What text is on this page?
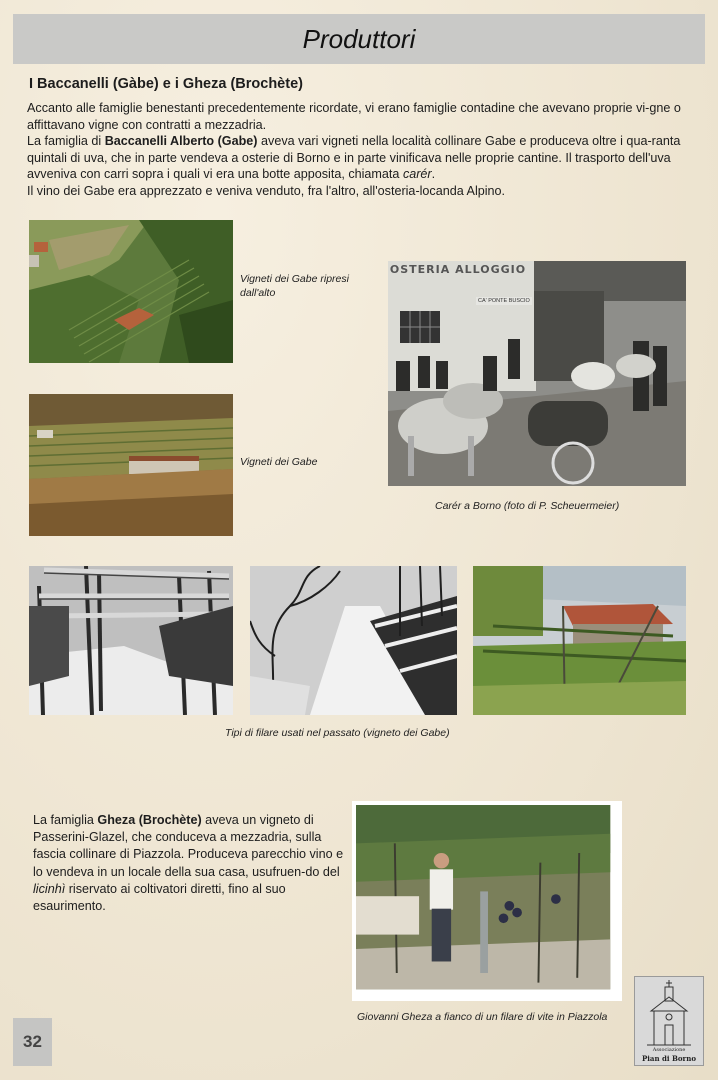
Produttori
I Baccanelli (Gàbe) e i Gheza (Brochète)

Accanto alle famiglie benestanti precedentemente ricordate, vi erano famiglie contadine che avevano proprie vi-gne o affittavano vigne con contratti a mezzadria.

La famiglia di Baccanelli Alberto (Gabe) aveva vari vigneti nella località collinare Gabe e produceva oltre i qua-ranta quintali di uva, che in parte vendeva a osterie di Borno e in parte vinificava nelle proprie cantine. Il trasporto dell'uva avveniva con carri sopra i quali vi era una botte apposita, chiamata carér.

Il vino dei Gabe era apprezzato e veniva venduto, fra l'altro, all'osteria-locanda Alpino.

Vigneti dei Gabe ripresi dall'alto
Vigneti dei Gabe
OSTERIA ALLOGGIO
CA' PONTE BUSCIO
Carér a Borno (foto di P. Scheuermeier)
Tipi di filare usati nel passato (vigneto dei Gabe)

La famiglia Gheza (Brochète) aveva un vigneto di Passerini-Glazel, che conduceva a mezzadria, sulla fascia collinare di Piazzola. Produceva parecchio vino e lo vendeva in un locale della sua casa, usufruen-do del licinhì riservato ai coltivatori diretti, fino al suo esaurimento.

Giovanni Gheza a fianco di un filare di vite in Piazzola
32	Associazione
Pian di Borno
